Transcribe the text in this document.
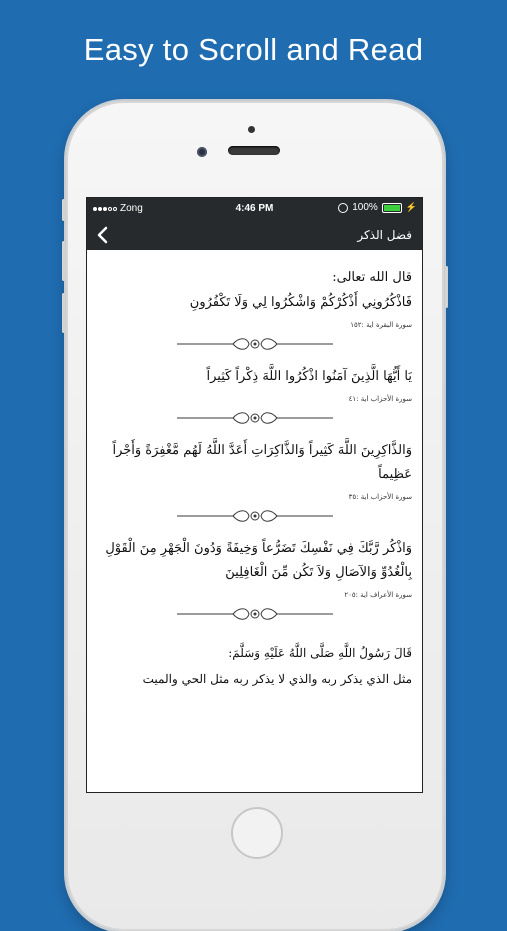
Easy to Scroll and Read
Zong	4:46 PM	100%	⚡
فضل الذكر
قال الله تعالى:
فَاذْكُرُونِي أَذْكُرْكُمْ وَاشْكُرُوا لِي وَلَا تَكْفُرُونِ
سورة البقرة اية :١٥٢
يَا أَيُّهَا الَّذِينَ آمَنُوا اذْكُرُوا اللَّهَ ذِكْراً كَثِيراً
سورة الأحزاب اية :٤١
وَالذَّاكِرِينَ اللَّهَ كَثِيراً وَالذَّاكِرَاتِ أَعَدَّ اللَّهُ لَهُم مَّغْفِرَةً وَأَجْراً عَظِيماً
سورة الأحزاب اية :٣٥
وَاذْكُر رَّبَّكَ فِي نَفْسِكَ تَضَرُّعاً وَخِيفَةً وَدُونَ الْجَهْرِ مِنَ الْقَوْلِ بِالْغُدُوِّ وَالآصَالِ وَلاَ تَكُن مِّنَ الْغَافِلِينَ
سورة الأعراف اية :٢٠٥
قَالَ رَسُولُ اللَّهِ صَلَّى اللَّهُ عَلَيْهِ وَسَلَّمَ:
مثل الذي يذكر ربه والذي لا يذكر ربه مثل الحي والميت
